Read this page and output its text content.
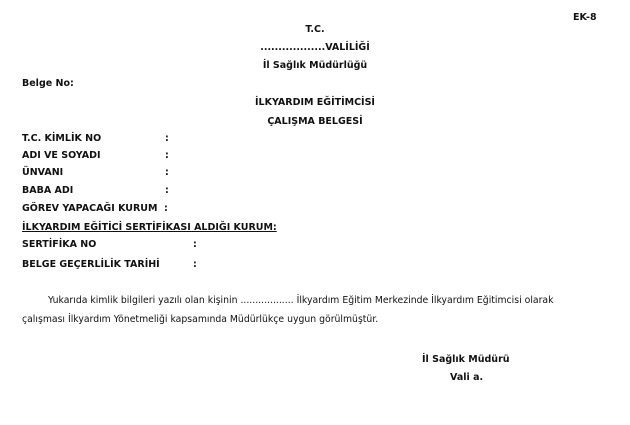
EK-8
T.C.
..................VALİLİĞİ
İl Sağlık Müdürlüğü
Belge No:
İLKYARDIM EĞİTİMCİSİ
ÇALIŞMA BELGESİ
T.C. KİMLİK NO	:
ADI VE SOYADI	:
ÜNVANI	:
BABA ADI	:
GÖREV YAPACAĞI KURUM :
İLKYARDIM EĞİTİCİ SERTİFİKASI ALDIĞI KURUM:
SERTİFİKA NO	:
BELGE GEÇERLİLİK TARİHİ	:
Yukarıda kimlik bilgileri yazılı olan kişinin .................. İlkyardım Eğitim Merkezinde İlkyardım Eğitimcisi olarak
çalışması İlkyardım Yönetmeliği kapsamında Müdürlükçe uygun görülmüştür.
İl Sağlık Müdürü
Vali a.
